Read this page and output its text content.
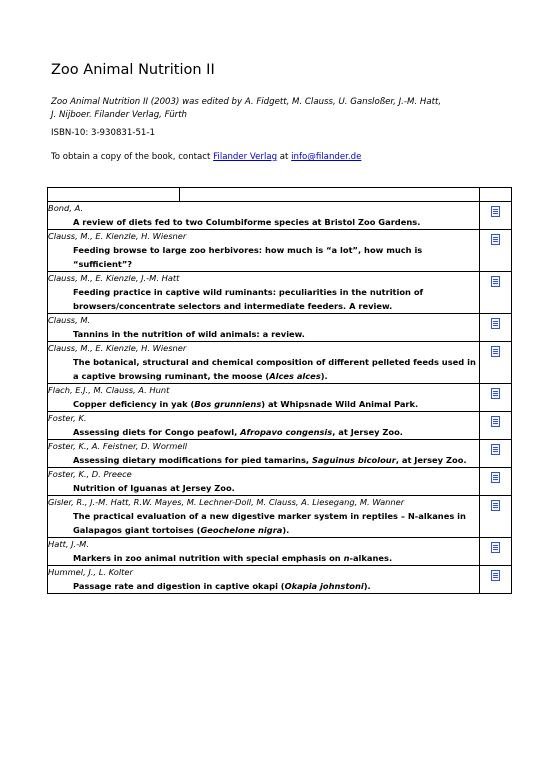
Zoo Animal Nutrition II
Zoo Animal Nutrition II (2003) was edited by A. Fidgett, M. Clauss, U. Gansloßer, J.-M. Hatt,
J. Nijboer. Filander Verlag, Fürth
ISBN-10: 3-930831-51-1
To obtain a copy of the book, contact Filander Verlag at info@filander.de

Bond, A.
A review of diets fed to two Columbiforme species at Bristol Zoo Gardens.		

Clauss, M., E. Kienzle, H. Wiesner
Feeding browse to large zoo herbivores: how much is “a lot”, how much is “sufficient”?		

Clauss, M., E. Kienzle, J.-M. Hatt
Feeding practice in captive wild ruminants: peculiarities in the nutrition of browsers/concentrate selectors and intermediate feeders. A review.		

Clauss, M.
Tannins in the nutrition of wild animals: a review.		

Clauss, M., E. Kienzle, H. Wiesner
The botanical, structural and chemical composition of different pelleted feeds used in a captive browsing ruminant, the moose (Alces alces).		

Flach, E.J., M. Clauss, A. Hunt
Copper deficiency in yak (Bos grunniens) at Whipsnade Wild Animal Park.		

Foster, K.
Assessing diets for Congo peafowl, Afropavo congensis, at Jersey Zoo.		

Foster, K., A. Feistner, D. Wormell
Assessing dietary modifications for pied tamarins, Saguinus bicolour, at Jersey Zoo.		

Foster, K., D. Preece
Nutrition of Iguanas at Jersey Zoo.		

Gisler, R., J.-M. Hatt, R.W. Mayes, M. Lechner-Doll, M. Clauss, A. Liesegang, M. Wanner
The practical evaluation of a new digestive marker system in reptiles – N-alkanes in Galapagos giant tortoises (Geochelone nigra).		

Hatt, J.-M.
Markers in zoo animal nutrition with special emphasis on n-alkanes.		

Hummel, J., L. Kolter
Passage rate and digestion in captive okapi (Okapia johnstoni).		
